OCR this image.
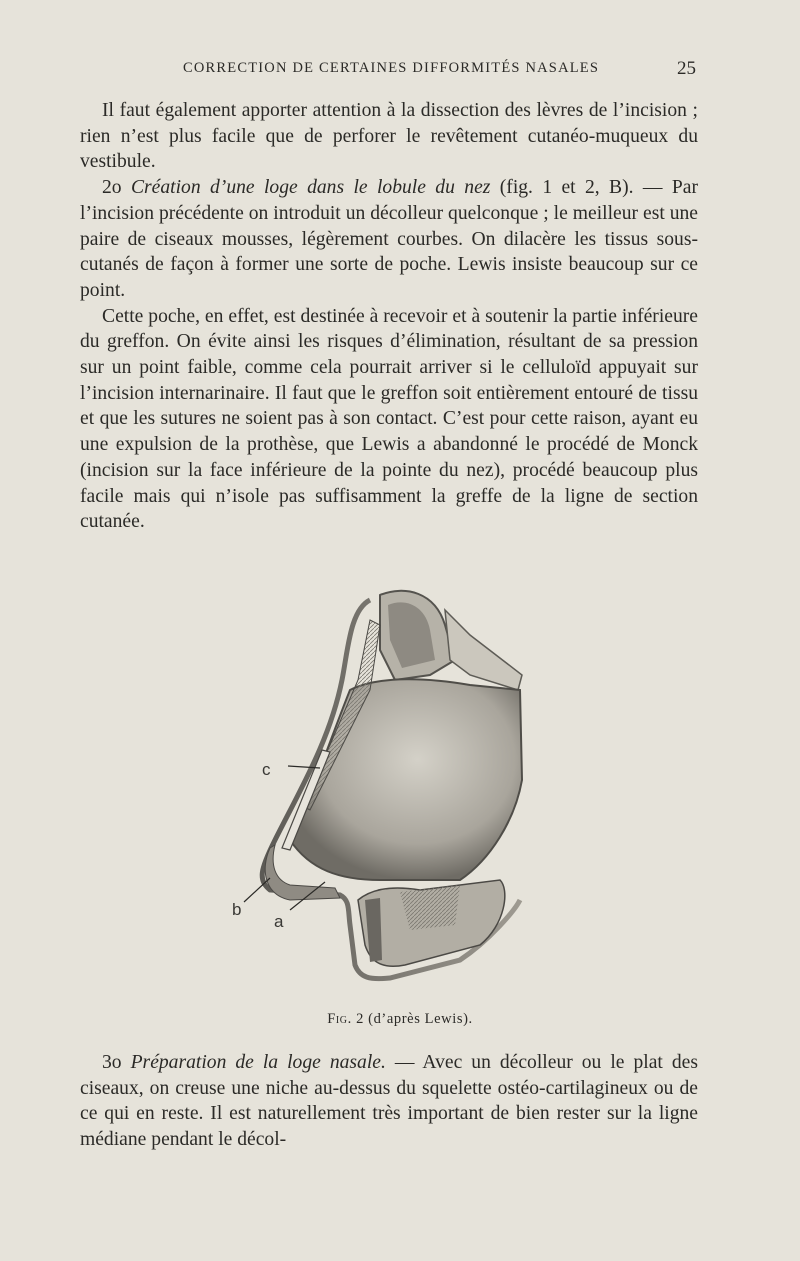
CORRECTION DE CERTAINES DIFFORMITÉS NASALES	25

Il faut également apporter attention à la dissection des lèvres de l’incision ; rien n’est plus facile que de perforer le revêtement cutanéo-muqueux du vestibule.

2o Création d’une loge dans le lobule du nez (fig. 1 et 2, B). — Par l’incision précédente on introduit un décolleur quelconque ; le meilleur est une paire de ciseaux mousses, légèrement courbes. On dilacère les tissus sous-cutanés de façon à former une sorte de poche. Lewis insiste beaucoup sur ce point.

Cette poche, en effet, est destinée à recevoir et à soutenir la partie inférieure du greffon. On évite ainsi les risques d’élimination, résultant de sa pression sur un point faible, comme cela pourrait arriver si le celluloïd appuyait sur l’incision internarinaire. Il faut que le greffon soit entièrement entouré de tissu et que les sutures ne soient pas à son contact. C’est pour cette raison, ayant eu une expulsion de la prothèse, que Lewis a abandonné le procédé de Monck (incision sur la face inférieure de la pointe du nez), procédé beaucoup plus facile mais qui n’isole pas suffisamment la greffe de la ligne de section cutanée.

c
b
a
Fig. 2 (d’après Lewis).

3o Préparation de la loge nasale. — Avec un décolleur ou le plat des ciseaux, on creuse une niche au-dessus du squelette ostéo-cartilagineux ou de ce qui en reste. Il est naturellement très important de bien rester sur la ligne médiane pendant le décol-
